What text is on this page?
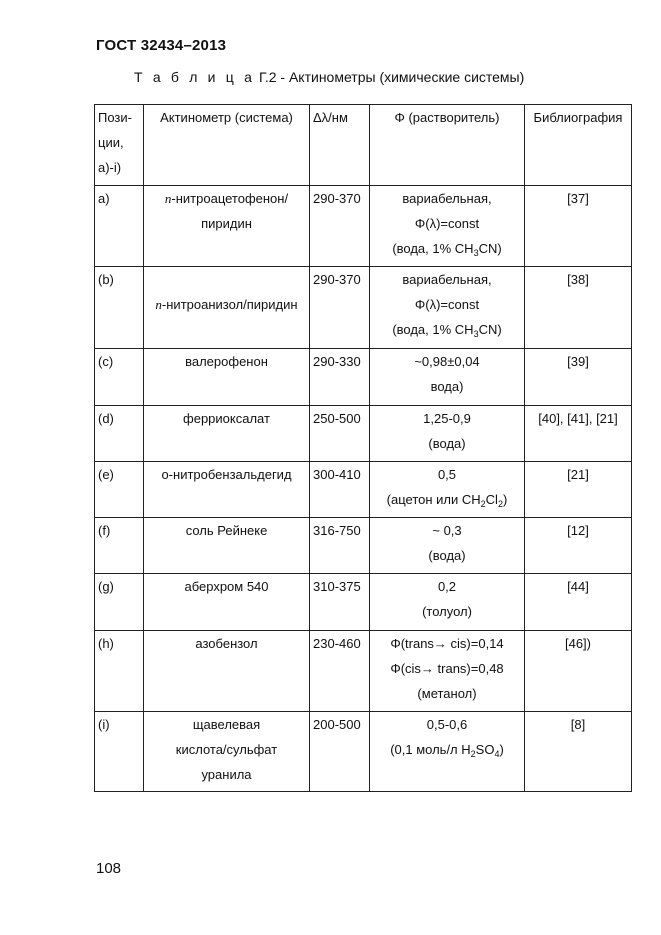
ГОСТ 32434–2013
Т а б л и ц а Г.2 - Актинометры (химические системы)
Пози-
ции,
а)-i)	Актинометр (система)	Δλ/нм	Φ (растворитель)	Библиография

a)	n-нитроацетофенон/
пиридин	290-370	вариабельная,
Φ(λ)=const
(вода, 1% $CH_3CN$)	[37]
(b)	n-нитроанизол/пиридин	290-370	вариабельная,
Φ(λ)=const
(вода, 1% $CH_3CN$)	[38]
(c)	валерофенон	290-330	~0,98±0,04
вода)	[39]
(d)	ферриоксалат	250-500	1,25-0,9
(вода)	[40], [41], [21]
(e)	о-нитробензальдегид	300-410	0,5
(ацетон или $CH_2Cl_2$)	[21]
(f)	соль Рейнеке	316-750	~ 0,3
(вода)	[12]
(g)	аберхром 540	310-375	0,2
(толуол)	[44]
(h)	азобензол	230-460	Φ(trans→ cis)=0,14
Φ(cis→ trans)=0,48
(метанол)	[46])
(i)	щавелевая
кислота/сульфат
уранила	200-500	0,5-0,6
(0,1 моль/л $H_2SO_4$)	[8]
108
